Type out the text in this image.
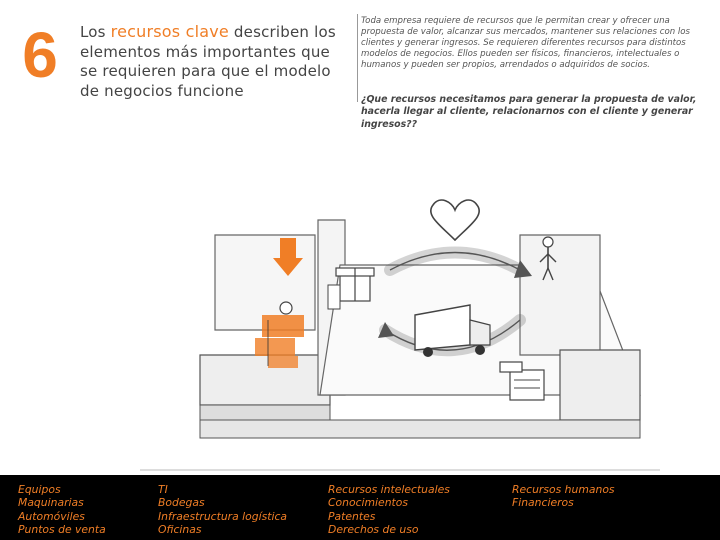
6 Los recursos clave describen los elementos más importantes que se requieren para que el modelo de negocios funcione
Toda empresa requiere de recursos que le permitan crear y ofrecer una propuesta de valor, alcanzar sus mercados, mantener sus relaciones con los clientes y generar ingresos. Se requieren diferentes recursos para distintos modelos de negocios. Ellos pueden ser físicos, financieros, intelectuales o humanos y pueden ser propios, arrendados o adquiridos de socios.
¿Que recursos necesitamos para generar la propuesta de valor, hacerla llegar al cliente, relacionarnos con el cliente y generar ingresos??
Equipos
Maquinarias
Automóviles
Puntos de venta
TI
Bodegas
Infraestructura logística
Oficinas
Recursos intelectuales
Conocimientos
Patentes
Derechos de uso
Recursos humanos
Financieros
